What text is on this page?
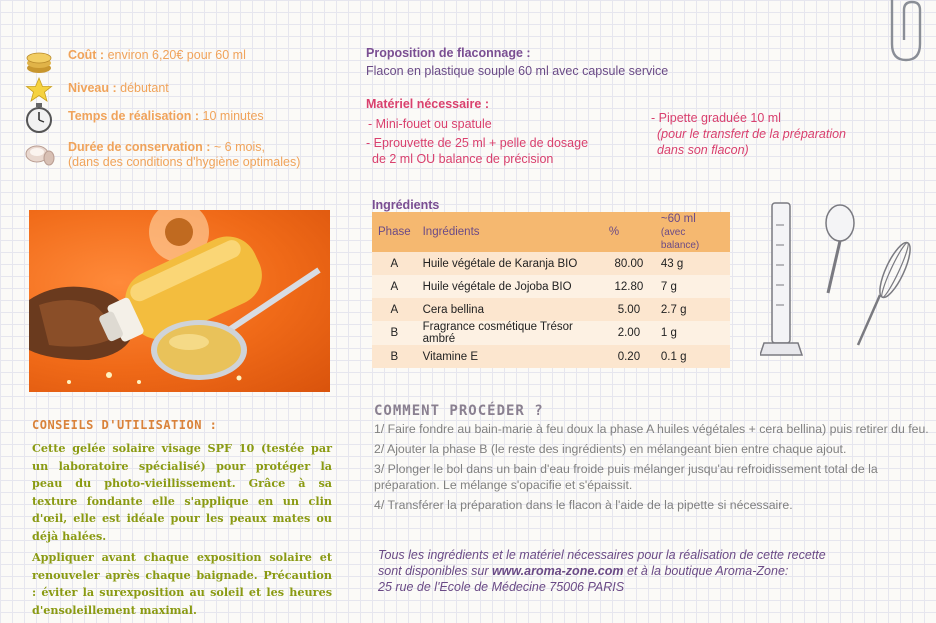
Coût : environ 6,20€ pour 60 ml
Niveau : débutant
Temps de réalisation : 10 minutes
Durée de conservation : ~ 6 mois,
(dans des conditions d'hygiène optimales)
Proposition de flaconnage :
Flacon en plastique souple 60 ml avec capsule service
Matériel nécessaire :
- Mini-fouet ou spatule
- Eprouvette de 25 ml + pelle de dosage
de 2 ml OU balance de précision
- Pipette graduée 10 ml
(pour le transfert de la préparation
dans son flacon)
Ingrédients
Phase	Ingrédients	%	~60 ml
(avec balance)
A	Huile végétale de Karanja BIO	80.00	43 g
A	Huile végétale de Jojoba BIO	12.80	7 g
A	Cera bellina	5.00	2.7 g
B	Fragrance cosmétique Trésor ambré	2.00	1 g
B	Vitamine E	0.20	0.1 g
CONSEILS D'UTILISATION :

Cette gelée solaire visage SPF 10 (testée par un laboratoire spécialisé) pour protéger la peau du photo-vieillissement. Grâce à sa texture fondante elle s'applique en un clin d'œil, elle est idéale pour les peaux mates ou déjà halées.

Appliquer avant chaque exposition solaire et renouveler après chaque baignade. Précaution : éviter la surexposition au soleil et les heures d'ensoleillement maximal.

COMMENT PROCÉDER ?

1/ Faire fondre au bain-marie à feu doux la phase A huiles végétales + cera bellina) puis retirer du feu.

2/ Ajouter la phase B (le reste des ingrédients) en mélangeant bien entre chaque ajout.

3/ Plonger le bol dans un bain d'eau froide puis mélanger jusqu'au refroidissement total de la préparation. Le mélange s'opacifie et s'épaissit.

4/ Transférer la préparation dans le flacon à l'aide de la pipette si nécessaire.

Tous les ingrédients et le matériel nécessaires pour la réalisation de cette recette
sont disponibles sur www.aroma-zone.com et à la boutique Aroma-Zone:
25 rue de l'Ecole de Médecine 75006 PARIS
